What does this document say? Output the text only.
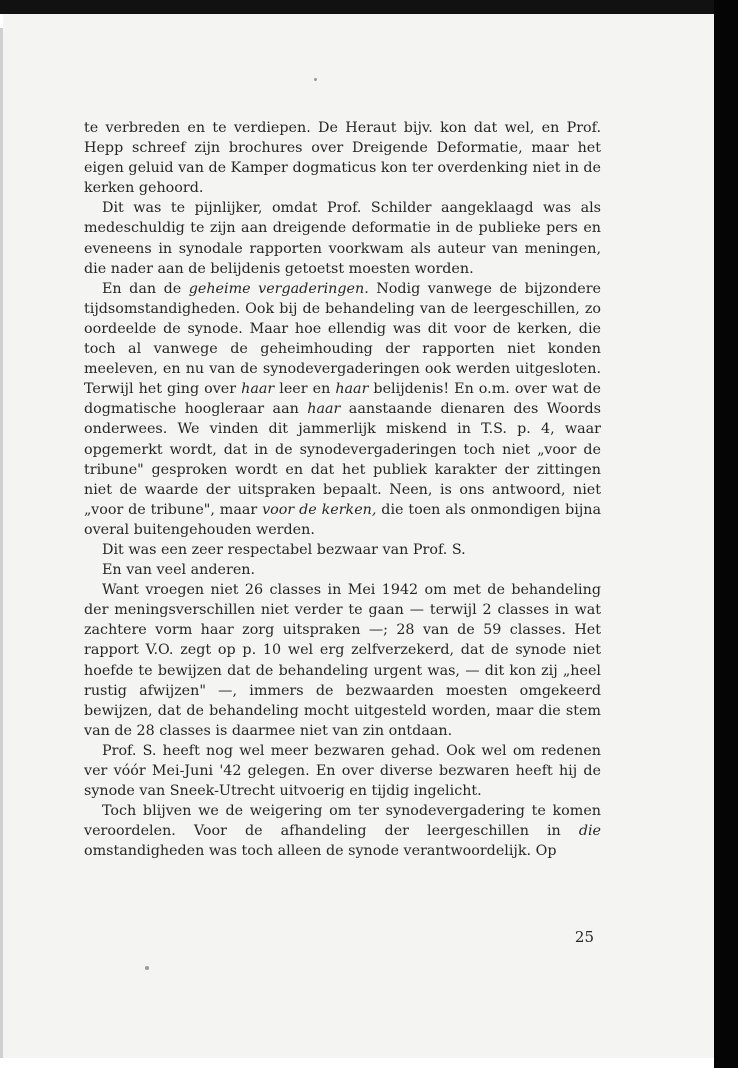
te verbreden en te verdiepen. De Heraut bijv. kon dat wel, en Prof. Hepp schreef zijn brochures over Dreigende Deformatie, maar het eigen geluid van de Kamper dogmaticus kon ter overdenking niet in de kerken gehoord.

Dit was te pijnlijker, omdat Prof. Schilder aangeklaagd was als medeschuldig te zijn aan dreigende deformatie in de publieke pers en eveneens in synodale rapporten voorkwam als auteur van meningen, die nader aan de belijdenis getoetst moesten worden.

En dan de geheime vergaderingen. Nodig vanwege de bijzondere tijdsomstandigheden. Ook bij de behandeling van de leergeschillen, zo oordeelde de synode. Maar hoe ellendig was dit voor de kerken, die toch al vanwege de geheimhouding der rapporten niet konden meeleven, en nu van de synodevergaderingen ook werden uitgesloten. Terwijl het ging over haar leer en haar belijdenis! En o.m. over wat de dogmatische hoogleraar aan haar aanstaande dienaren des Woords onderwees. We vinden dit jammerlijk miskend in T.S. p. 4, waar opgemerkt wordt, dat in de synodevergaderingen toch niet „voor de tribune" gesproken wordt en dat het publiek karakter der zittingen niet de waarde der uitspraken bepaalt. Neen, is ons antwoord, niet „voor de tribune", maar voor de kerken, die toen als onmondigen bijna overal buitengehouden werden.

Dit was een zeer respectabel bezwaar van Prof. S.

En van veel anderen.

Want vroegen niet 26 classes in Mei 1942 om met de behandeling der meningsverschillen niet verder te gaan — terwijl 2 classes in wat zachtere vorm haar zorg uitspraken —; 28 van de 59 classes. Het rapport V.O. zegt op p. 10 wel erg zelfverzekerd, dat de synode niet hoefde te bewijzen dat de behandeling urgent was, — dit kon zij „heel rustig afwijzen" —, immers de bezwaarden moesten omgekeerd bewijzen, dat de behandeling mocht uitgesteld worden, maar die stem van de 28 classes is daarmee niet van zin ontdaan.

Prof. S. heeft nog wel meer bezwaren gehad. Ook wel om redenen ver vóór Mei-Juni '42 gelegen. En over diverse bezwaren heeft hij de synode van Sneek-Utrecht uitvoerig en tijdig ingelicht.

Toch blijven we de weigering om ter synodevergadering te komen veroordelen. Voor de afhandeling der leergeschillen in die omstandigheden was toch alleen de synode verantwoordelijk. Op

25
